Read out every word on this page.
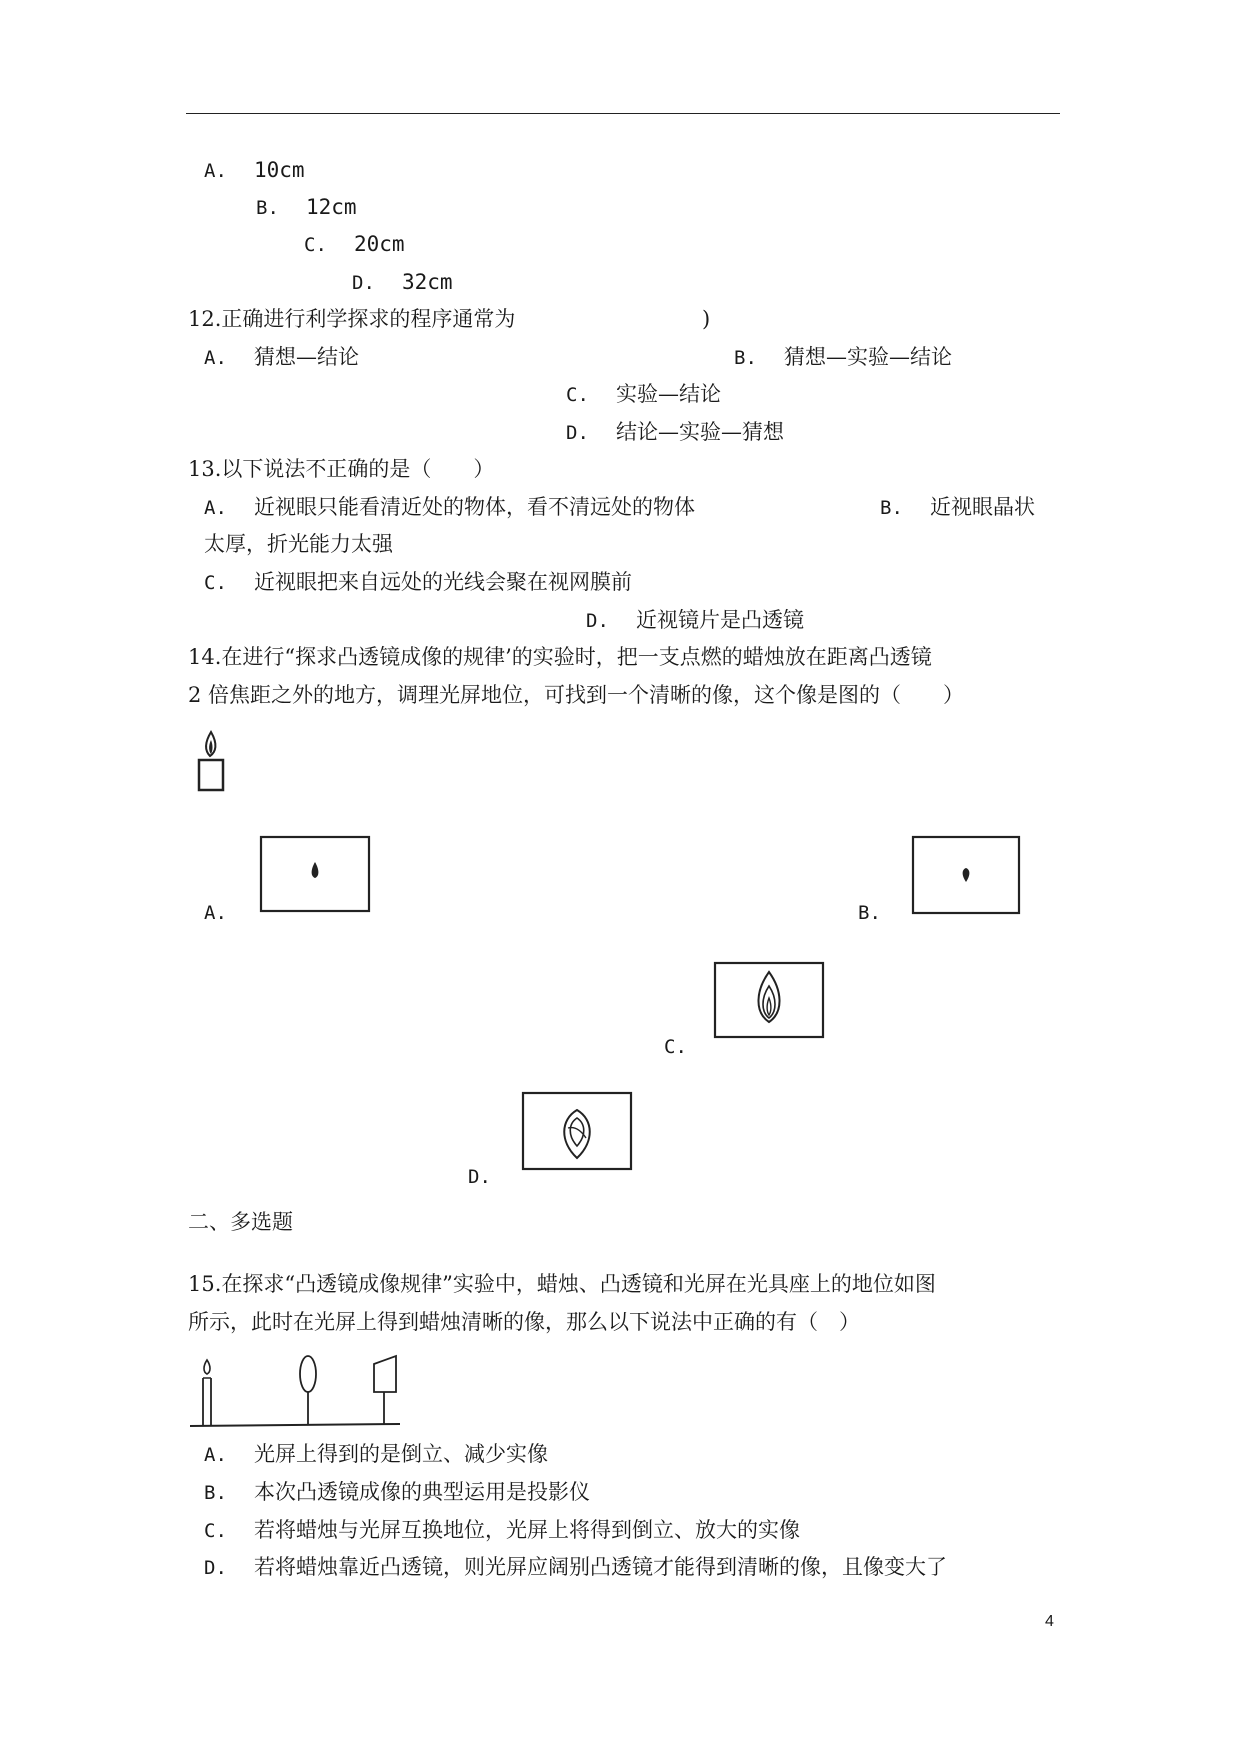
A. 10cm
B. 12cm
C. 20cm
D. 32cm
12.正确进行利学探求的程序通常为	)
A. 猜想—结论	B. 猜想—实验—结论
C. 实验—结论
D. 结论—实验—猜想
13.以下说法不正确的是（　　）
A. 近视眼只能看清近处的物体，看不清远处的物体	B. 近视眼晶状
太厚，折光能力太强
C. 近视眼把来自远处的光线会聚在视网膜前
D. 近视镜片是凸透镜
14.在进行“探求凸透镜成像的规律’的实验时，把一支点燃的蜡烛放在距离凸透镜
2 倍焦距之外的地方，调理光屏地位，可找到一个清晰的像，这个像是图的（　　）
A.	B.
C.
D.
二、多选题
15.在探求“凸透镜成像规律”实验中，蜡烛、凸透镜和光屏在光具座上的地位如图
所示，此时在光屏上得到蜡烛清晰的像，那么以下说法中正确的有（　）
A. 光屏上得到的是倒立、减少实像
B. 本次凸透镜成像的典型运用是投影仪
C. 若将蜡烛与光屏互换地位，光屏上将得到倒立、放大的实像
D. 若将蜡烛靠近凸透镜，则光屏应阔别凸透镜才能得到清晰的像，且像变大了
4
